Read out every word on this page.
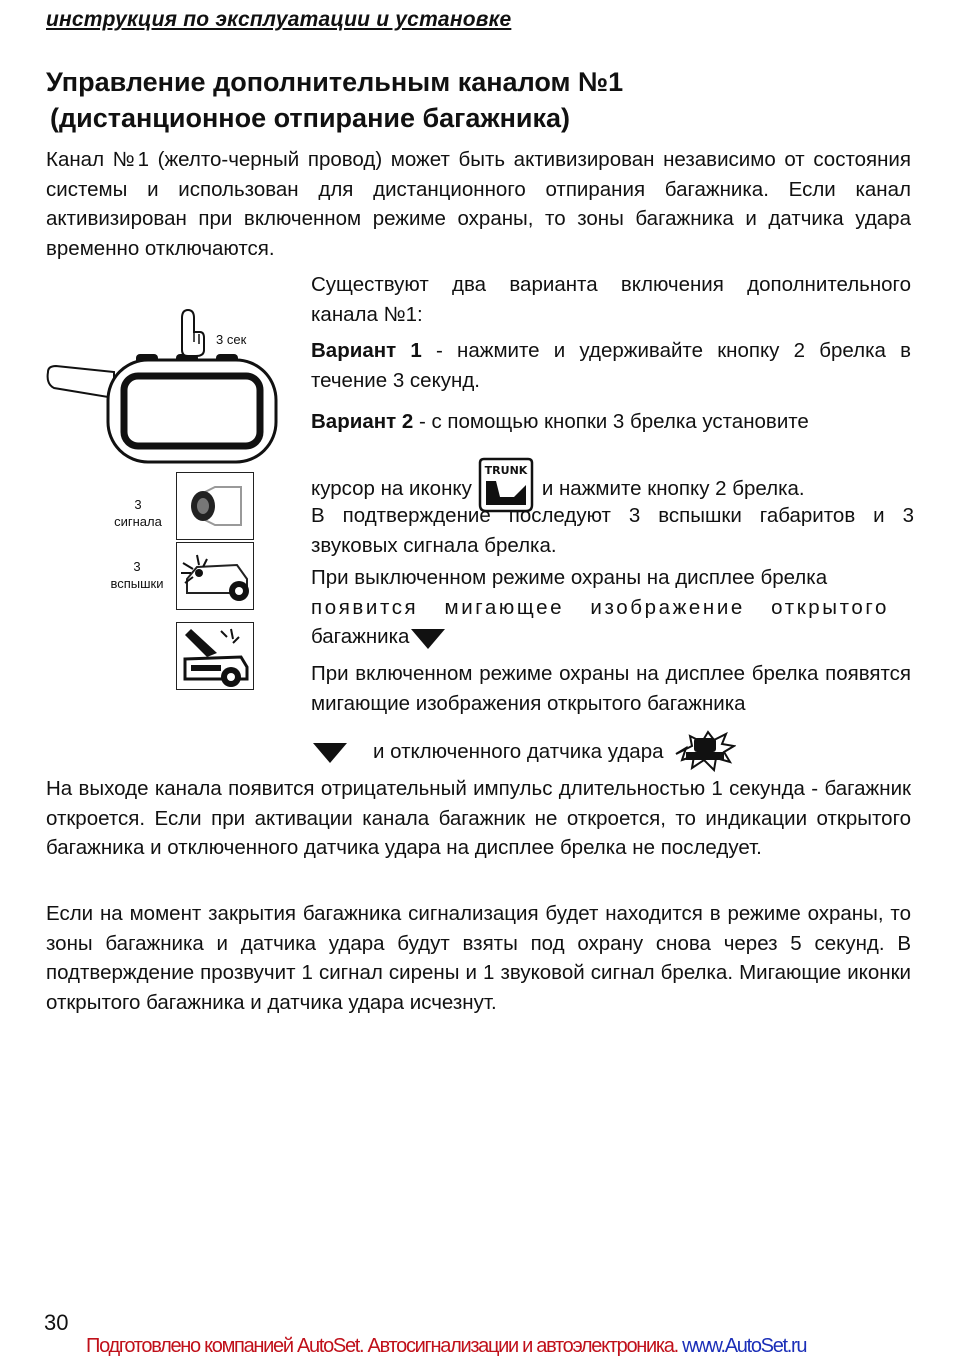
инструкция по эксплуатации и установке
Управление дополнительным каналом №1
(дистанционное отпирание багажника)

Канал №1 (желто-черный провод) может быть активизирован независимо от состояния системы и использован для дистанционного отпирания багажника. Если канал активизирован при включенном режиме охраны, то зоны багажника и датчика удара временно отключаются.

3 сек
3
сигнала
3
вспышки

Существуют два варианта включения дополнительного канала №1:

Вариант 1 - нажмите и удерживайте кнопку 2 брелка в течение 3 секунд.

Вариант 2 - с помощью кнопки 3 брелка установите

курсор на иконку
TRUNK
и нажмите кнопку 2 брелка.

В подтверждение последуют 3 вспышки габаритов и 3 звуковых сигнала брелка.

При выключенном режиме охраны на дисплее брелка
появится мигающее изображение открытого
багажника

При включенном режиме охраны на дисплее брелка появятся мигающие изображения открытого багажника

и отключенного датчика удара

На выходе канала появится отрицательный импульс длительностью 1 секунда - багажник откроется. Если при активации канала багажник не откроется, то индикации открытого багажника и отключенного датчика удара на дисплее брелка не последует.

Если на момент закрытия багажника сигнализация будет находится в режиме охраны, то зоны багажника и датчика удара будут взяты под охрану снова через 5 секунд. В подтверждение прозвучит 1 сигнал сирены и 1 звуковой сигнал брелка. Мигающие иконки открытого багажника и датчика удара исчезнут.

30
Подготовлено компанией AutoSet. Автосигнализации и автоэлектроника. www.AutoSet.ru
